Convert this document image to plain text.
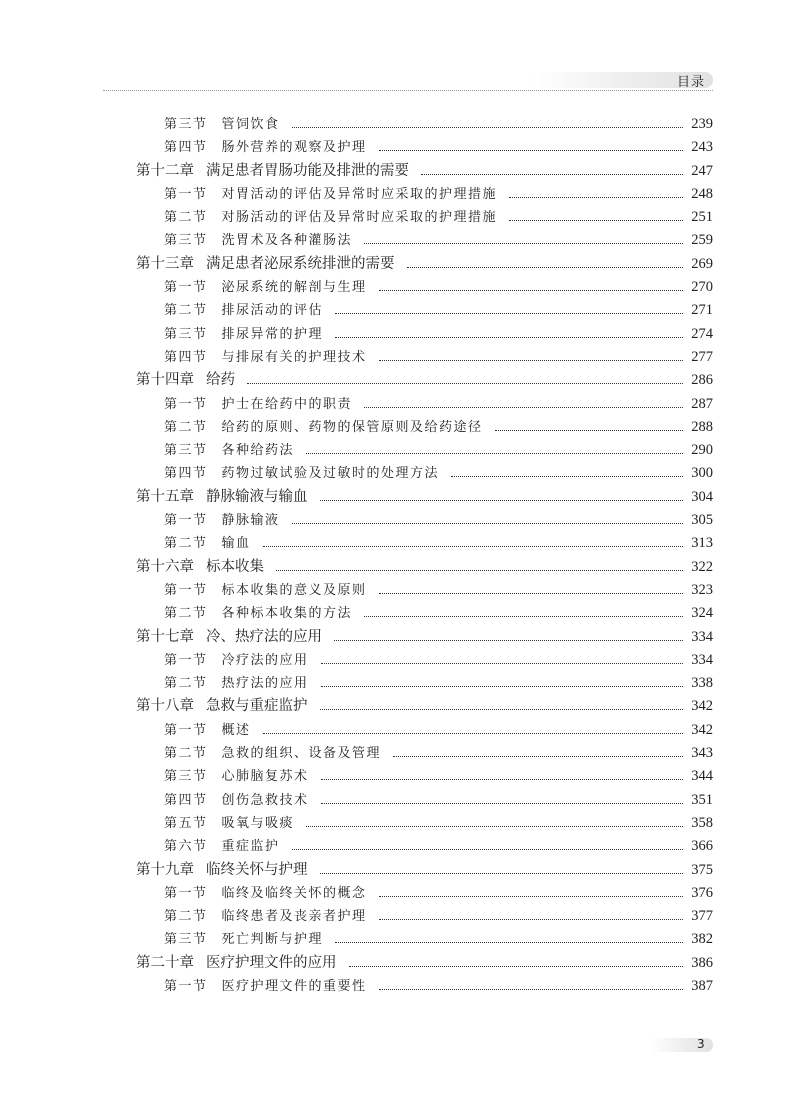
目录
第三节 管饲饮食	239
第四节 肠外营养的观察及护理	243
第十二章 满足患者胃肠功能及排泄的需要	247
第一节 对胃活动的评估及异常时应采取的护理措施	248
第二节 对肠活动的评估及异常时应采取的护理措施	251
第三节 洗胃术及各种灌肠法	259
第十三章 满足患者泌尿系统排泄的需要	269
第一节 泌尿系统的解剖与生理	270
第二节 排尿活动的评估	271
第三节 排尿异常的护理	274
第四节 与排尿有关的护理技术	277
第十四章 给药	286
第一节 护士在给药中的职责	287
第二节 给药的原则、药物的保管原则及给药途径	288
第三节 各种给药法	290
第四节 药物过敏试验及过敏时的处理方法	300
第十五章 静脉输液与输血	304
第一节 静脉输液	305
第二节 输血	313
第十六章 标本收集	322
第一节 标本收集的意义及原则	323
第二节 各种标本收集的方法	324
第十七章 冷、热疗法的应用	334
第一节 冷疗法的应用	334
第二节 热疗法的应用	338
第十八章 急救与重症监护	342
第一节 概述	342
第二节 急救的组织、设备及管理	343
第三节 心肺脑复苏术	344
第四节 创伤急救技术	351
第五节 吸氧与吸痰	358
第六节 重症监护	366
第十九章 临终关怀与护理	375
第一节 临终及临终关怀的概念	376
第二节 临终患者及丧亲者护理	377
第三节 死亡判断与护理	382
第二十章 医疗护理文件的应用	386
第一节 医疗护理文件的重要性	387
3
